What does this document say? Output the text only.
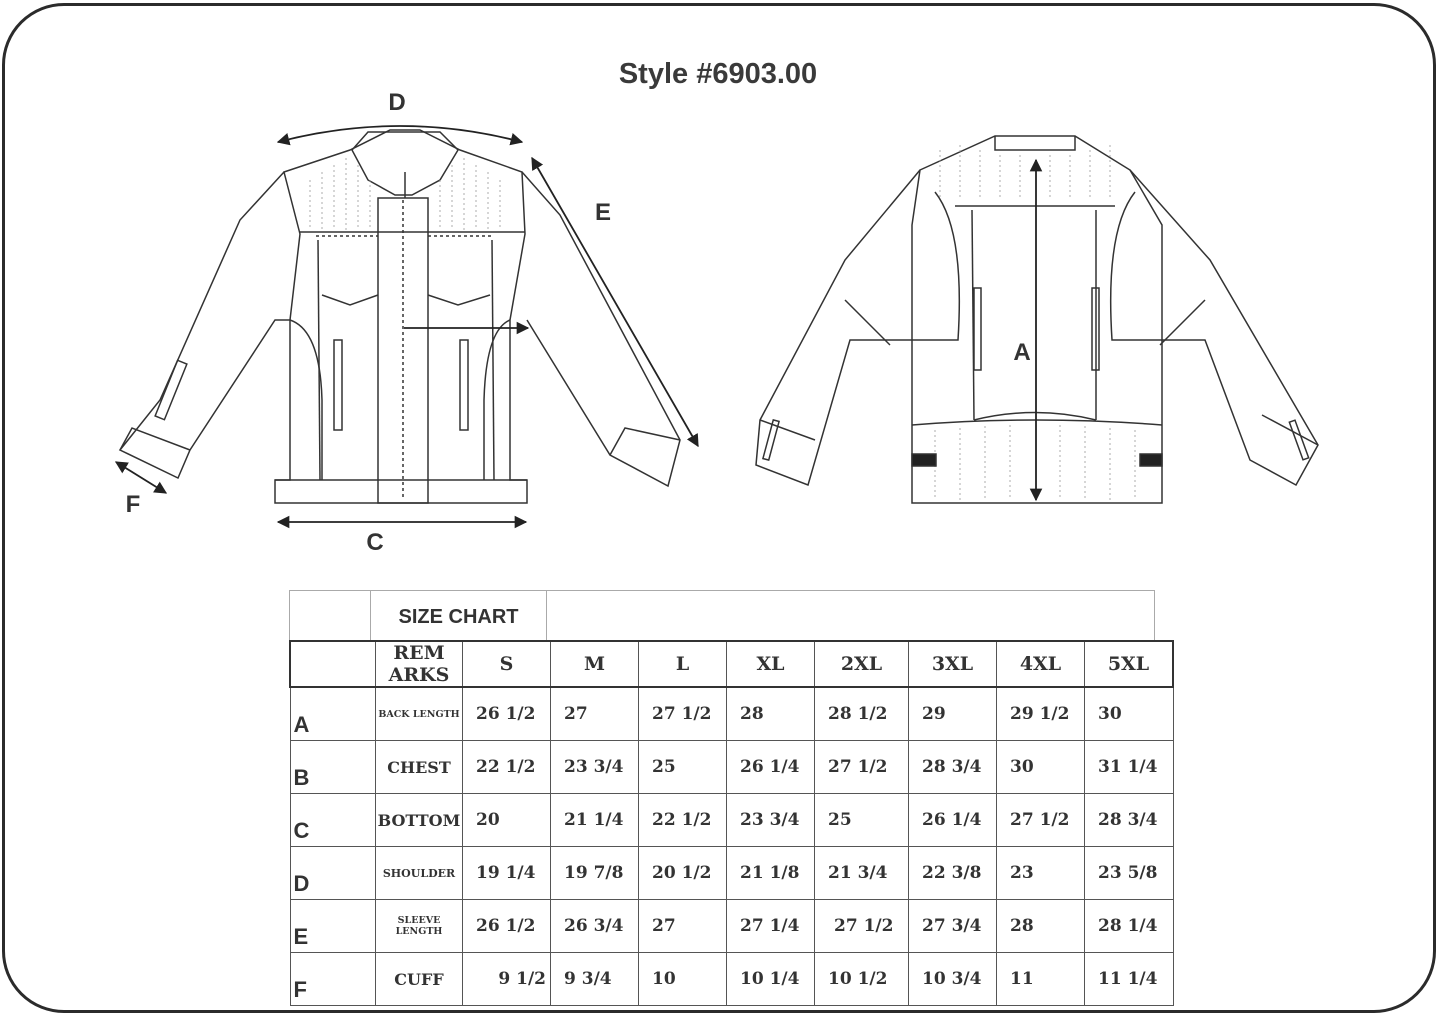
Style #6903.00
D
E
F
C
A
SIZE CHART
	REM ARKS	S	M	L	XL	2XL	3XL	4XL	5XL
A	BACK LENGTH	26 1/2	27	27 1/2	28	28 1/2	29	29 1/2	30
B	CHEST	22 1/2	23 3/4	25	26 1/4	27 1/2	28 3/4	30	31 1/4
C	BOTTOM	20	21 1/4	22 1/2	23 3/4	25	26 1/4	27 1/2	28 3/4
D	SHOULDER	19 1/4	19 7/8	20 1/2	21 1/8	21 3/4	22 3/8	23	23 5/8
E	SLEEVE LENGTH	26 1/2	26 3/4	27	27 1/4	27 1/2	27 3/4	28	28 1/4
F	CUFF	9 1/2	9 3/4	10	10 1/4	10 1/2	10 3/4	11	11 1/4
